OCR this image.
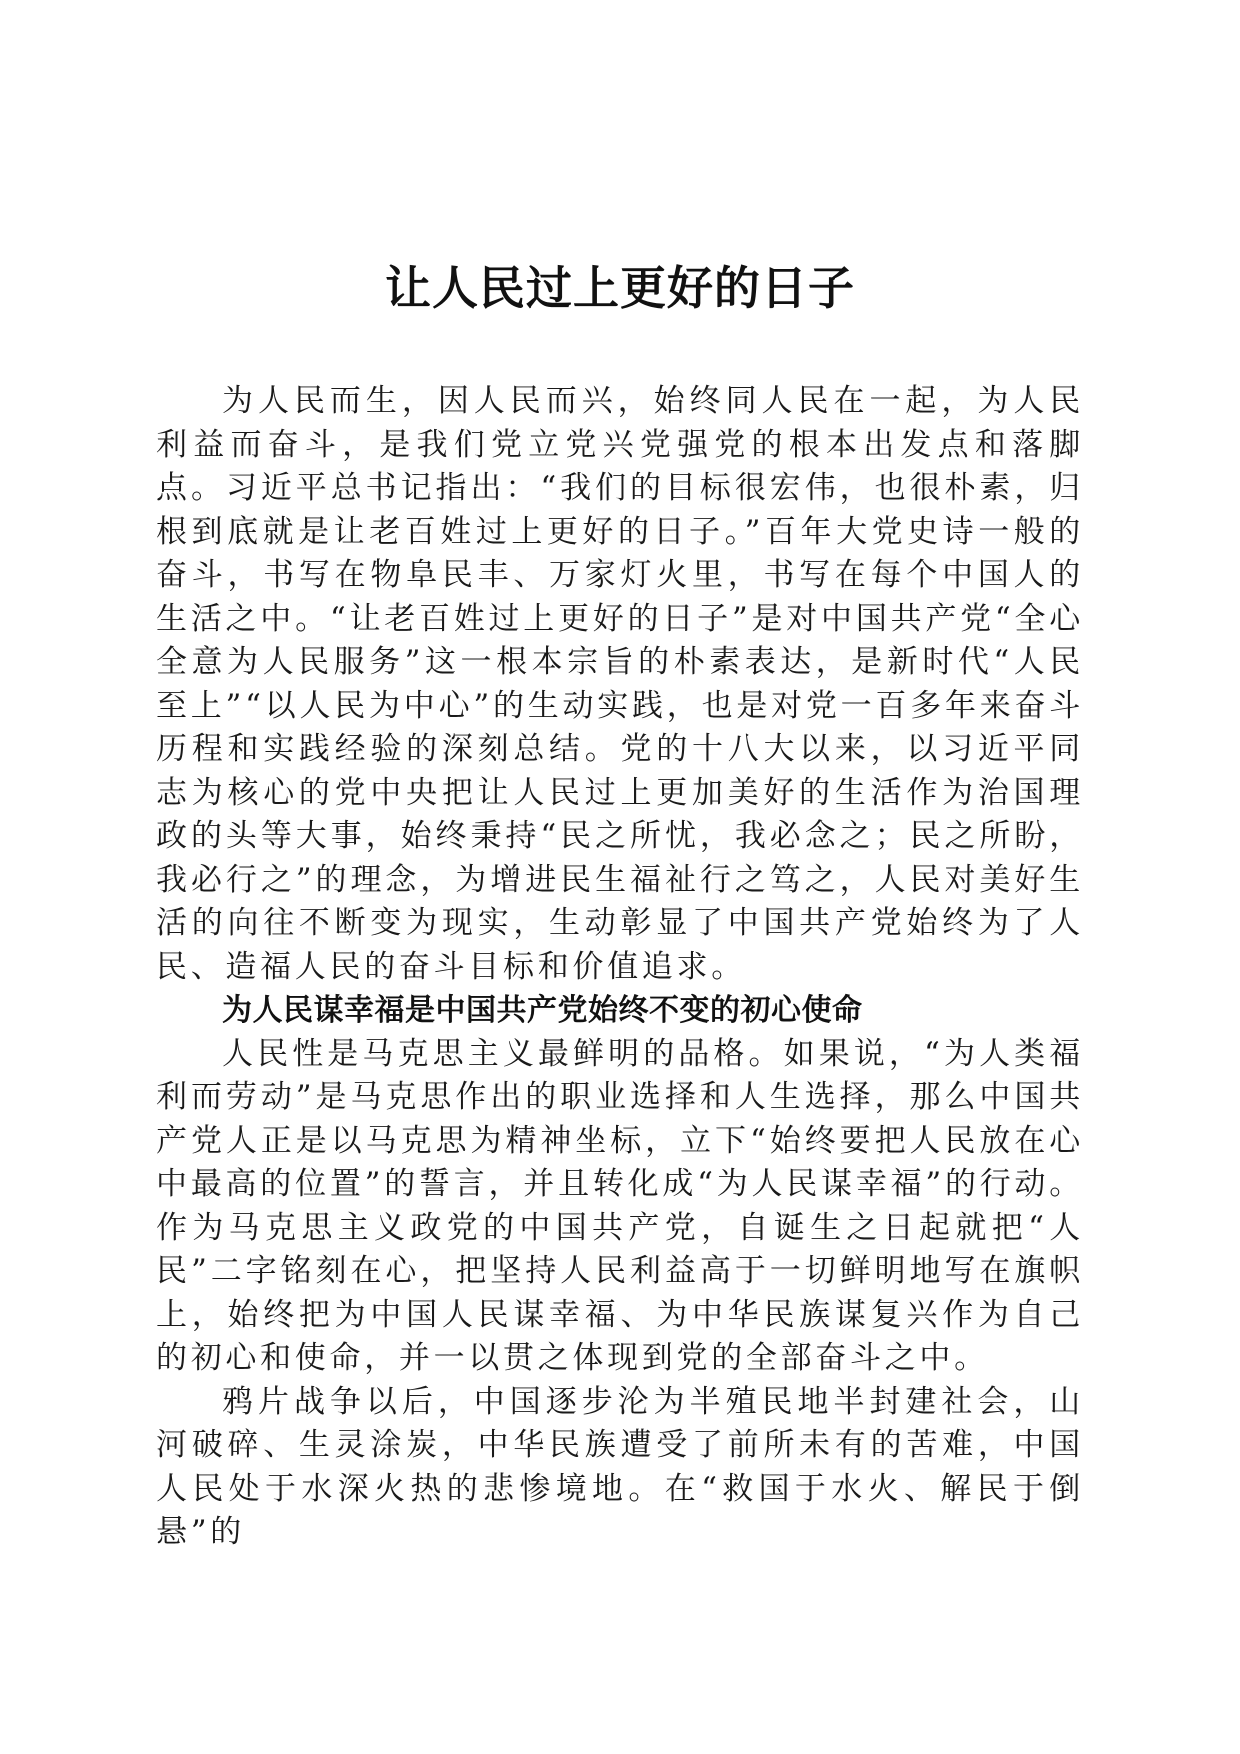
让人民过上更好的日子

为人民而生，因人民而兴，始终同人民在一起，为人民利益而奋斗，是我们党立党兴党强党的根本出发点和落脚点。习近平总书记指出：“我们的目标很宏伟，也很朴素，归根到底就是让老百姓过上更好的日子。”百年大党史诗一般的奋斗，书写在物阜民丰、万家灯火里，书写在每个中国人的生活之中。“让老百姓过上更好的日子”是对中国共产党“全心全意为人民服务”这一根本宗旨的朴素表达，是新时代“人民至上”“以人民为中心”的生动实践，也是对党一百多年来奋斗历程和实践经验的深刻总结。党的十八大以来，以习近平同志为核心的党中央把让人民过上更加美好的生活作为治国理政的头等大事，始终秉持“民之所忧，我必念之；民之所盼，我必行之”的理念，为增进民生福祉行之笃之，人民对美好生活的向往不断变为现实，生动彰显了中国共产党始终为了人民、造福人民的奋斗目标和价值追求。

为人民谋幸福是中国共产党始终不变的初心使命

人民性是马克思主义最鲜明的品格。如果说，“为人类福利而劳动”是马克思作出的职业选择和人生选择，那么中国共产党人正是以马克思为精神坐标，立下“始终要把人民放在心中最高的位置”的誓言，并且转化成“为人民谋幸福”的行动。作为马克思主义政党的中国共产党，自诞生之日起就把“人民”二字铭刻在心，把坚持人民利益高于一切鲜明地写在旗帜上，始终把为中国人民谋幸福、为中华民族谋复兴作为自己的初心和使命，并一以贯之体现到党的全部奋斗之中。

鸦片战争以后，中国逐步沦为半殖民地半封建社会，山河破碎、生灵涂炭，中华民族遭受了前所未有的苦难，中国人民处于水深火热的悲惨境地。在“救国于水火、解民于倒悬”的
